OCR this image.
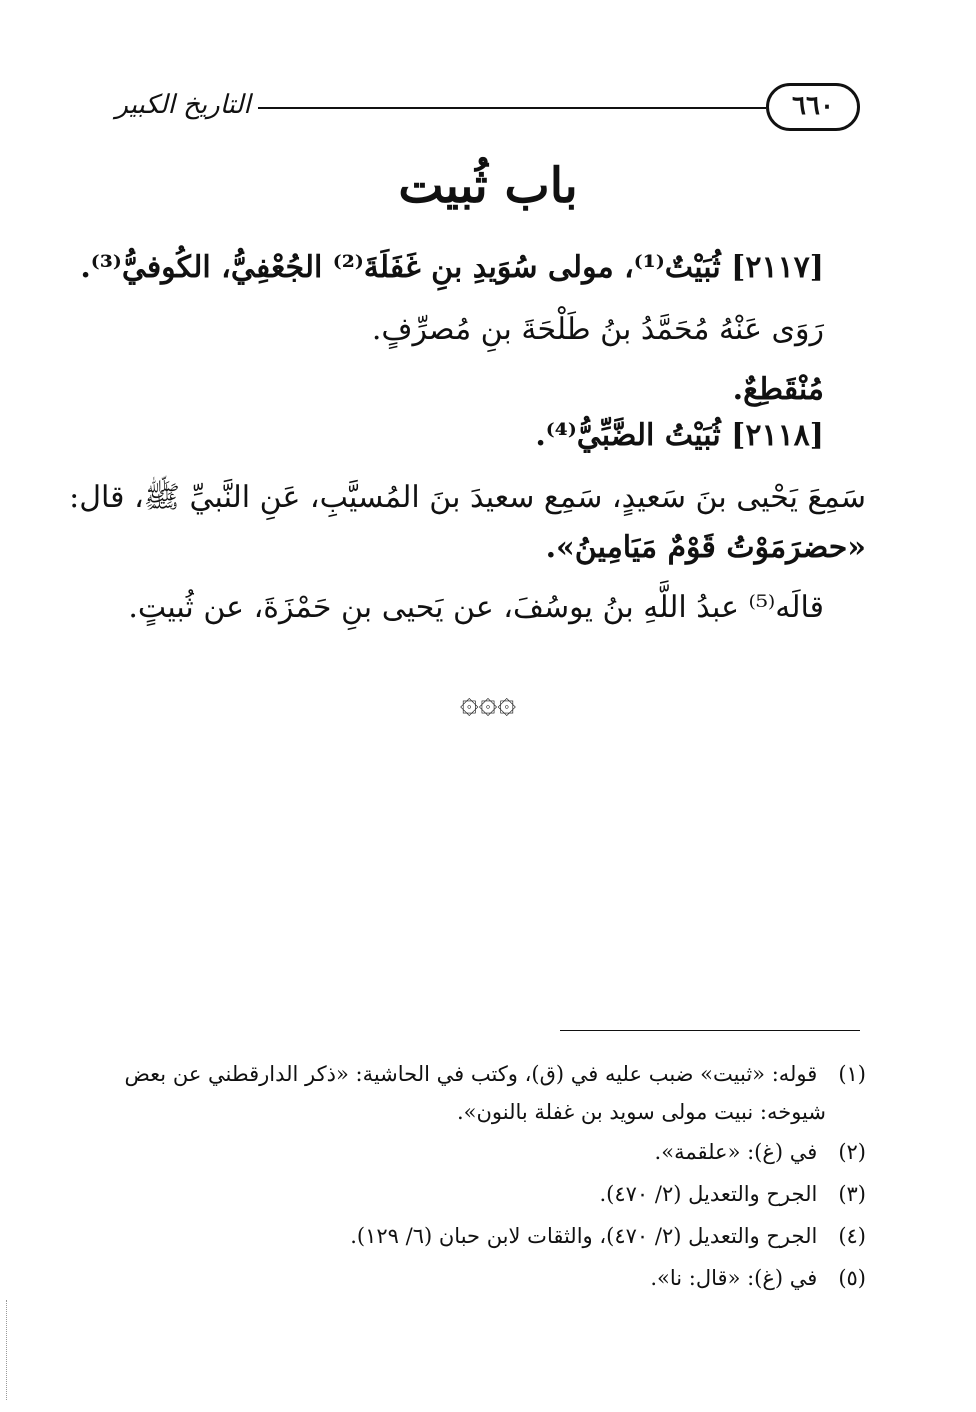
٦٦٠
التاريخ الكبير
باب ثُبيت
[٢١١٧] ثُبَيْتٌ⁽¹⁾، مولى سُوَيدِ بنِ غَفَلَةَ⁽²⁾ الجُعْفِيُّ، الكُوفيُّ⁽³⁾.
رَوَى عَنْهُ مُحَمَّدُ بنُ طَلْحَةَ بنِ مُصرِّفٍ.
مُنْقَطِعٌ.
[٢١١٨] ثُبَيْتُ الضَّبِّيُّ⁽⁴⁾.
سَمِعَ يَحْيى بنَ سَعيدٍ، سَمِع سعيدَ بنَ المُسيَّبِ، عَنِ النَّبيِّ ﷺ، قال:
«حضرَمَوْتُ قَوْمٌ مَيَامِينُ».
قالَه⁽⁵⁾ عبدُ اللَّهِ بنُ يوسُفَ، عن يَحيى بنِ حَمْزَةَ، عن ثُبيتٍ.
۞۞۞
(١) قوله: «ثبيت» ضبب عليه في (ق)، وكتب في الحاشية: «ذكر الدارقطني عن بعض
شيوخه: نبيت مولى سويد بن غفلة بالنون».
(٢) في (غ): «علقمة».
(٣) الجرح والتعديل (٢/ ٤٧٠).
(٤) الجرح والتعديل (٢/ ٤٧٠)، والثقات لابن حبان (٦/ ١٢٩).
(٥) في (غ): «قال: نا».
